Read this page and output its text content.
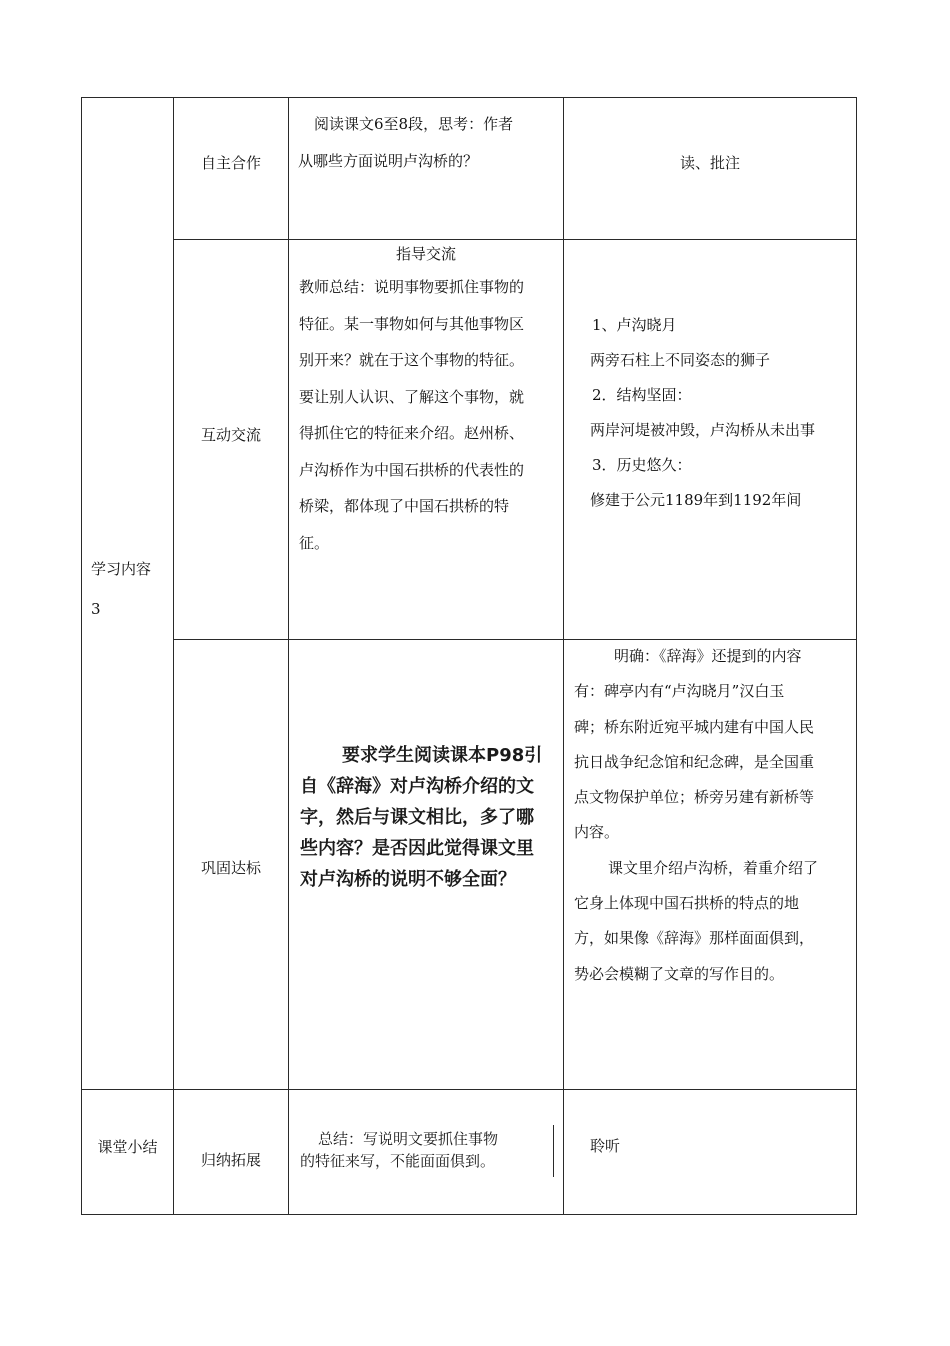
学习内容

3

自主合作

阅读课文6至8段，思考：作者

从哪些方面说明卢沟桥的？	读、批注
互动交流
指导交流

教师总结：说明事物要抓住事物的

特征。某一事物如何与其他事物区

别开来？就在于这个事物的特征。

要让别人认识、了解这个事物，就

得抓住它的特征来介绍。赵州桥、

卢沟桥作为中国石拱桥的代表性的

桥梁，都体现了中国石拱桥的特

征。

1、卢沟晓月

两旁石柱上不同姿态的狮子

2．结构坚固：

两岸河堤被冲毁，卢沟桥从未出事

3．历史悠久：

修建于公元1189年到1192年间

巩固达标

要求学生阅读课本P98引

自《辞海》对卢沟桥介绍的文

字，然后与课文相比，多了哪

些内容？是否因此觉得课文里

对卢沟桥的说明不够全面？

明确：《辞海》还提到的内容

有：碑亭内有“卢沟晓月”汉白玉

碑；桥东附近宛平城内建有中国人民

抗日战争纪念馆和纪念碑，是全国重

点文物保护单位；桥旁另建有新桥等

内容。

课文里介绍卢沟桥，着重介绍了

它身上体现中国石拱桥的特点的地

方，如果像《辞海》那样面面俱到，

势必会模糊了文章的写作目的。

课堂小结
归纳拓展

总结：写说明文要抓住事物

的特征来写，不能面面俱到。

聆听
